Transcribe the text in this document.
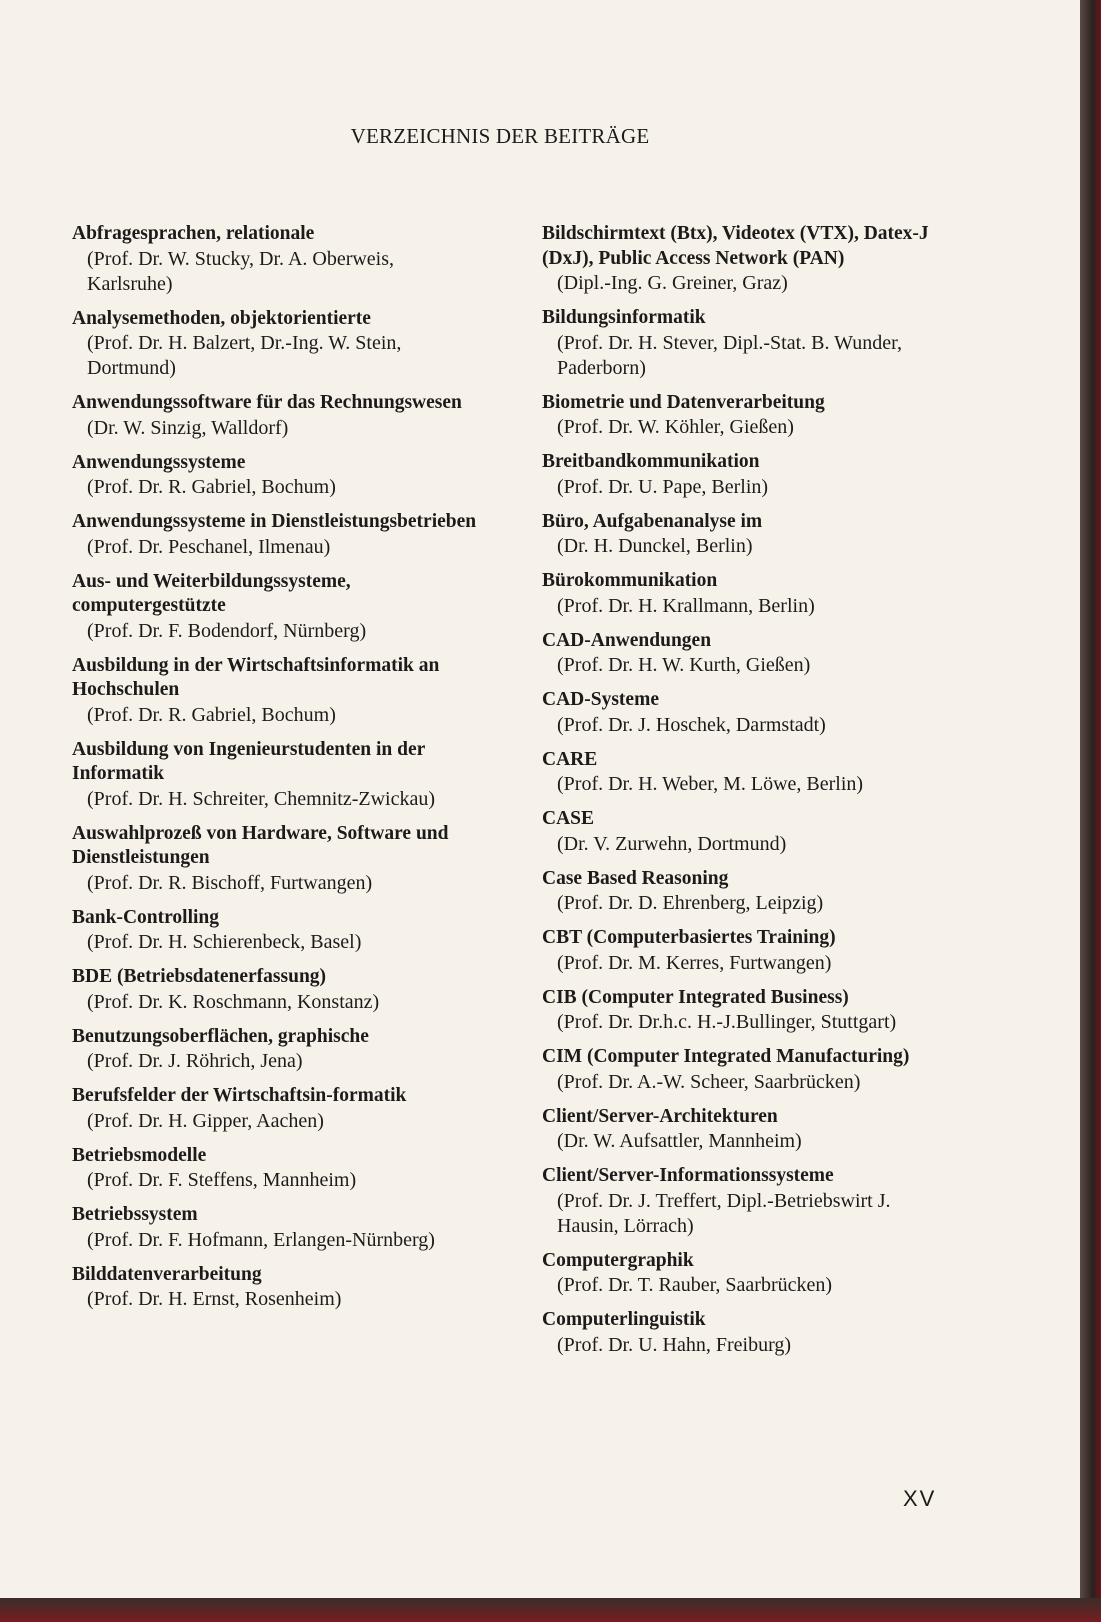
VERZEICHNIS DER BEITRÄGE
Abfragesprachen, relationale
(Prof. Dr. W. Stucky, Dr. A. Oberweis, Karlsruhe)
Analysemethoden, objektorientierte
(Prof. Dr. H. Balzert, Dr.-Ing. W. Stein, Dortmund)
Anwendungssoftware für das Rechnungswesen
(Dr. W. Sinzig, Walldorf)
Anwendungssysteme
(Prof. Dr. R. Gabriel, Bochum)
Anwendungssysteme in Dienstleistungsbetrieben
(Prof. Dr. Peschanel, Ilmenau)
Aus- und Weiterbildungssysteme, computergestützte
(Prof. Dr. F. Bodendorf, Nürnberg)
Ausbildung in der Wirtschaftsinformatik an Hochschulen
(Prof. Dr. R. Gabriel, Bochum)
Ausbildung von Ingenieurstudenten in der Informatik
(Prof. Dr. H. Schreiter, Chemnitz-Zwickau)
Auswahlprozeß von Hardware, Software und Dienstleistungen
(Prof. Dr. R. Bischoff, Furtwangen)
Bank-Controlling
(Prof. Dr. H. Schierenbeck, Basel)
BDE (Betriebsdatenerfassung)
(Prof. Dr. K. Roschmann, Konstanz)
Benutzungsoberflächen, graphische
(Prof. Dr. J. Röhrich, Jena)
Berufsfelder der Wirtschaftsin-formatik
(Prof. Dr. H. Gipper, Aachen)
Betriebsmodelle
(Prof. Dr. F. Steffens, Mannheim)
Betriebssystem
(Prof. Dr. F. Hofmann, Erlangen-Nürnberg)
Bilddatenverarbeitung
(Prof. Dr. H. Ernst, Rosenheim)
Bildschirmtext (Btx), Videotex (VTX), Datex-J (DxJ), Public Access Network (PAN)
(Dipl.-Ing. G. Greiner, Graz)
Bildungsinformatik
(Prof. Dr. H. Stever, Dipl.-Stat. B. Wunder, Paderborn)
Biometrie und Datenverarbeitung
(Prof. Dr. W. Köhler, Gießen)
Breitbandkommunikation
(Prof. Dr. U. Pape, Berlin)
Büro, Aufgabenanalyse im
(Dr. H. Dunckel, Berlin)
Bürokommunikation
(Prof. Dr. H. Krallmann, Berlin)
CAD-Anwendungen
(Prof. Dr. H. W. Kurth, Gießen)
CAD-Systeme
(Prof. Dr. J. Hoschek, Darmstadt)
CARE
(Prof. Dr. H. Weber, M. Löwe, Berlin)
CASE
(Dr. V. Zurwehn, Dortmund)
Case Based Reasoning
(Prof. Dr. D. Ehrenberg, Leipzig)
CBT (Computerbasiertes Training)
(Prof. Dr. M. Kerres, Furtwangen)
CIB (Computer Integrated Business)
(Prof. Dr. Dr.h.c. H.-J.Bullinger, Stuttgart)
CIM (Computer Integrated Manufacturing)
(Prof. Dr. A.-W. Scheer, Saarbrücken)
Client/Server-Architekturen
(Dr. W. Aufsattler, Mannheim)
Client/Server-Informationssysteme
(Prof. Dr. J. Treffert, Dipl.-Betriebswirt J. Hausin, Lörrach)
Computergraphik
(Prof. Dr. T. Rauber, Saarbrücken)
Computerlinguistik
(Prof. Dr. U. Hahn, Freiburg)
XV
